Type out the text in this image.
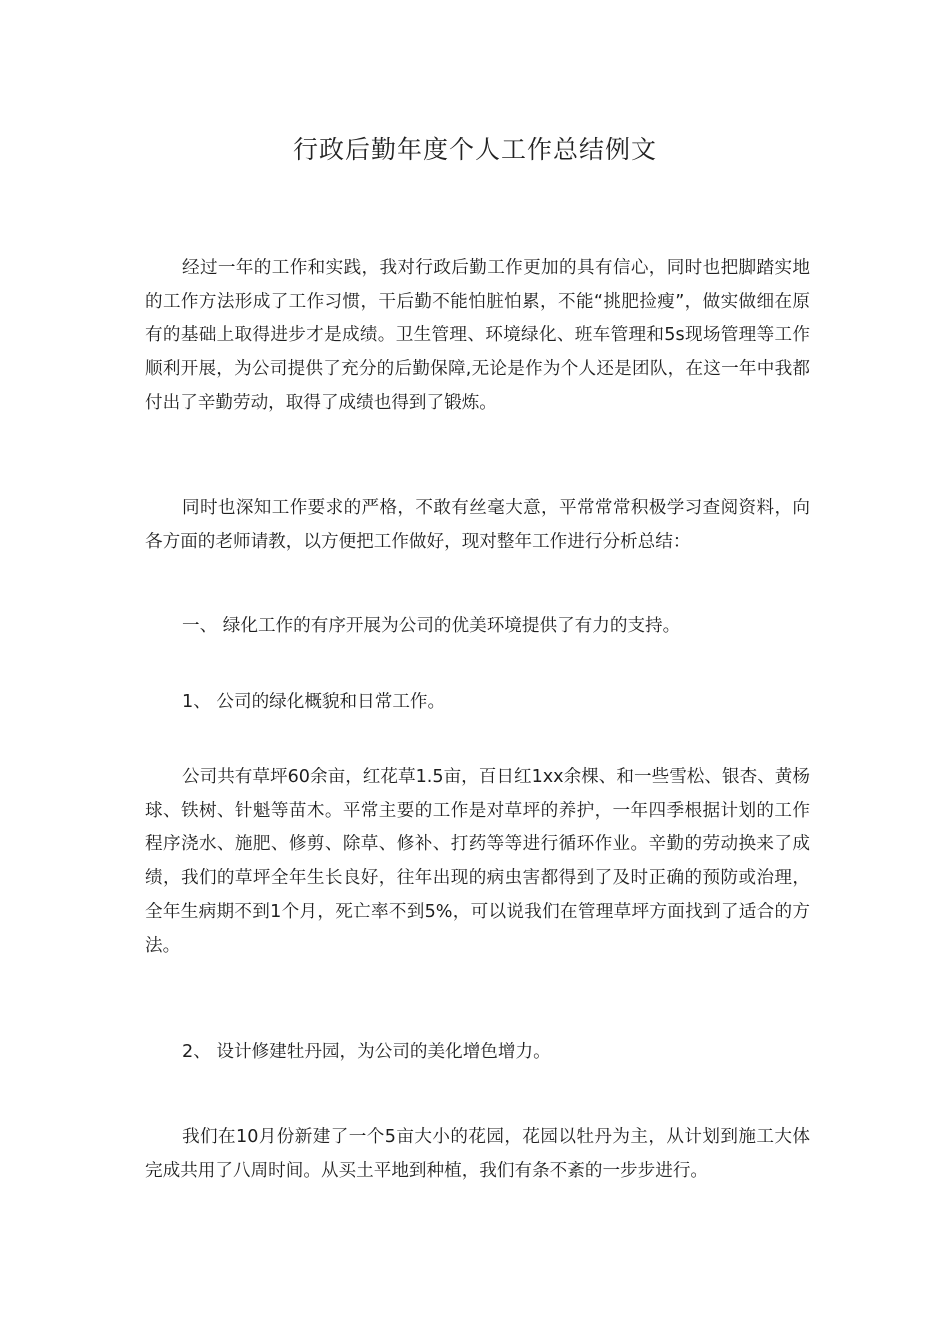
行政后勤年度个人工作总结例文

经过一年的工作和实践，我对行政后勤工作更加的具有信心，同时也把脚踏实地的工作方法形成了工作习惯，干后勤不能怕脏怕累，不能“挑肥捡瘦”，做实做细在原有的基础上取得进步才是成绩。卫生管理、环境绿化、班车管理和5s现场管理等工作顺利开展，为公司提供了充分的后勤保障,无论是作为个人还是团队，在这一年中我都付出了辛勤劳动，取得了成绩也得到了锻炼。

同时也深知工作要求的严格，不敢有丝毫大意，平常常常积极学习查阅资料，向各方面的老师请教，以方便把工作做好，现对整年工作进行分析总结：

一、 绿化工作的有序开展为公司的优美环境提供了有力的支持。

1、 公司的绿化概貌和日常工作。

公司共有草坪60余亩，红花草1.5亩，百日红1xx余棵、和一些雪松、银杏、黄杨球、铁树、针魁等苗木。平常主要的工作是对草坪的养护，一年四季根据计划的工作程序浇水、施肥、修剪、除草、修补、打药等等进行循环作业。辛勤的劳动换来了成绩，我们的草坪全年生长良好，往年出现的病虫害都得到了及时正确的预防或治理，全年生病期不到1个月，死亡率不到5%，可以说我们在管理草坪方面找到了适合的方法。

2、 设计修建牡丹园，为公司的美化增色增力。

我们在10月份新建了一个5亩大小的花园，花园以牡丹为主，从计划到施工大体完成共用了八周时间。从买土平地到种植，我们有条不紊的一步步进行。
